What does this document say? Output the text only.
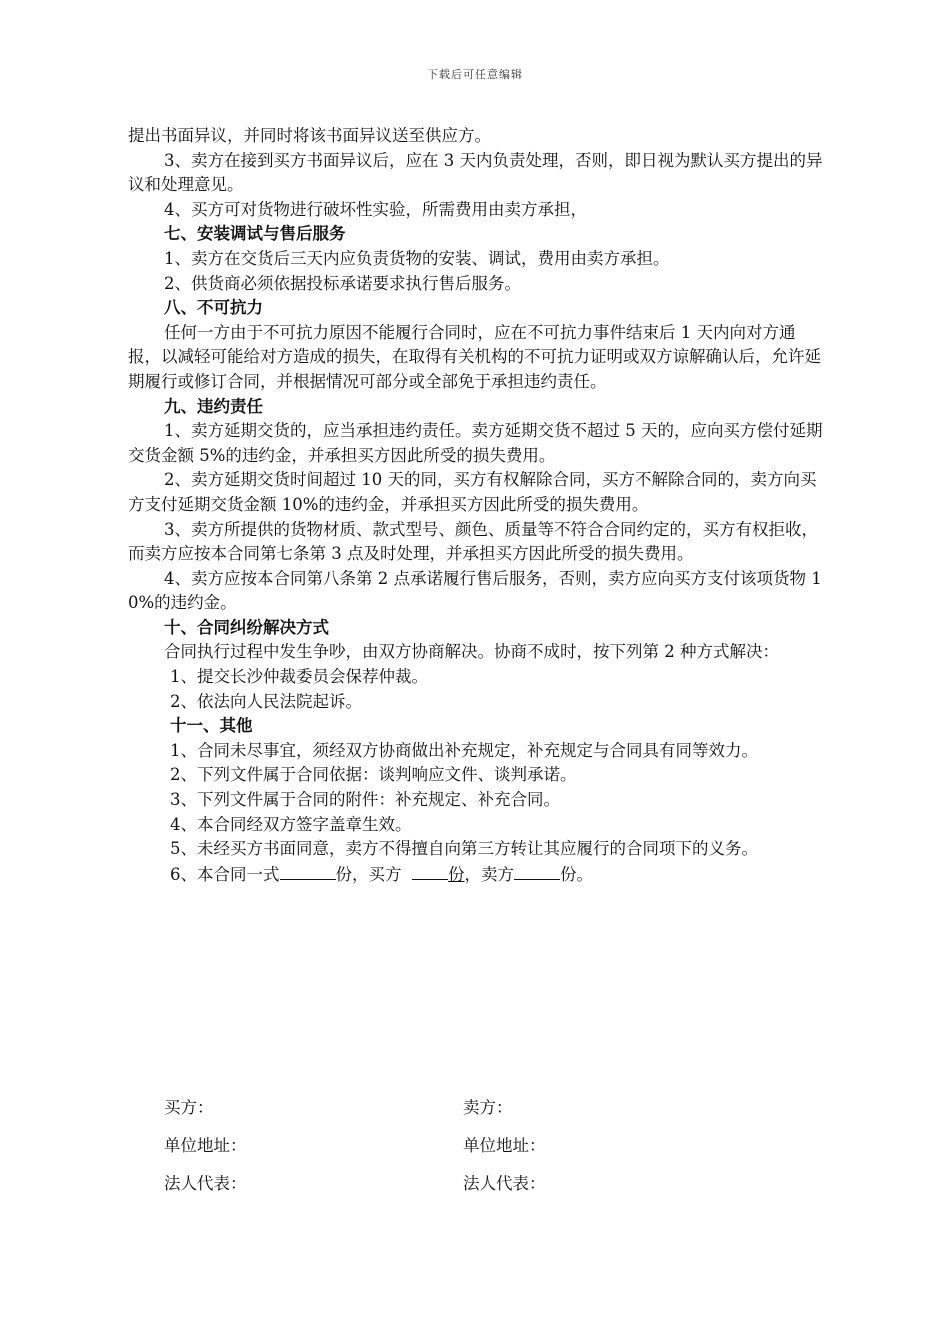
下载后可任意编辑

提出书面异议，并同时将该书面异议送至供应方。

3、卖方在接到买方书面异议后，应在 3 天内负责处理，否则，即日视为默认买方提出的异议和处理意见。

4、买方可对货物进行破坏性实验，所需费用由卖方承担，

七、安装调试与售后服务

1、卖方在交货后三天内应负责货物的安装、调试，费用由卖方承担。

2、供货商必须依据投标承诺要求执行售后服务。

八、不可抗力

任何一方由于不可抗力原因不能履行合同时，应在不可抗力事件结束后 1 天内向对方通报，以减轻可能给对方造成的损失，在取得有关机构的不可抗力证明或双方谅解确认后，允许延期履行或修订合同，并根据情况可部分或全部免于承担违约责任。

九、违约责任

1、卖方延期交货的，应当承担违约责任。卖方延期交货不超过 5 天的，应向买方偿付延期交货金额 5%的违约金，并承担买方因此所受的损失费用。

2、卖方延期交货时间超过 10 天的同，买方有权解除合同，买方不解除合同的，卖方向买方支付延期交货金额 10%的违约金，并承担买方因此所受的损失费用。

3、卖方所提供的货物材质、款式型号、颜色、质量等不符合合同约定的，买方有权拒收，而卖方应按本合同第七条第 3 点及时处理，并承担买方因此所受的损失费用。

4、卖方应按本合同第八条第 2 点承诺履行售后服务，否则，卖方应向买方支付该项货物 10%的违约金。

十、合同纠纷解决方式

合同执行过程中发生争吵，由双方协商解决。协商不成时，按下列第 2 种方式解决：

1、提交长沙仲裁委员会保荐仲裁。

2、依法向人民法院起诉。

十一、其他

1、合同未尽事宜，须经双方协商做出补充规定，补充规定与合同具有同等效力。

2、下列文件属于合同依据：谈判响应文件、谈判承诺。

3、下列文件属于合同的附件：补充规定、补充合同。

4、本合同经双方签字盖章生效。

5、未经买方书面同意，卖方不得擅自向第三方转让其应履行的合同项下的义务。

6、本合同一式	份，买方	份，卖方	份。

买方：	卖方：
单位地址：	单位地址：
法人代表：	法人代表：
